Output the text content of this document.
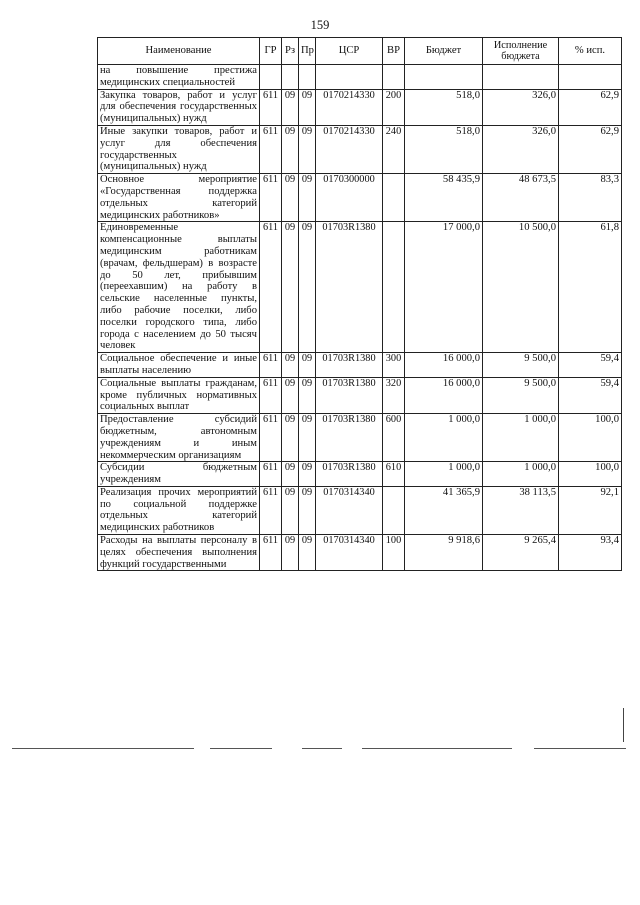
159
Наименование	ГР	Рз	Пр	ЦСР	ВР	Бюджет	Исполнение бюджета	% исп.
на повышение престижа медицинских специальностей								
Закупка товаров, работ и услуг для обеспечения государственных (муниципальных) нужд	611	09	09	0170214330	200	518,0	326,0	62,9
Иные закупки товаров, работ и услуг для обеспечения государственных (муниципальных) нужд	611	09	09	0170214330	240	518,0	326,0	62,9
Основное мероприятие «Государственная поддержка отдельных категорий медицинских работников»	611	09	09	0170300000		58 435,9	48 673,5	83,3
Единовременные компенсационные выплаты медицинским работникам (врачам, фельдшерам) в возрасте до 50 лет, прибывшим (переехавшим) на работу в сельские населенные пункты, либо рабочие поселки, либо поселки городского типа, либо города с населением до 50 тысяч человек	611	09	09	01703R1380		17 000,0	10 500,0	61,8
Социальное обеспечение и иные выплаты населению	611	09	09	01703R1380	300	16 000,0	9 500,0	59,4
Социальные выплаты гражданам, кроме публичных нормативных социальных выплат	611	09	09	01703R1380	320	16 000,0	9 500,0	59,4
Предоставление субсидий бюджетным, автономным учреждениям и иным некоммерческим организациям	611	09	09	01703R1380	600	1 000,0	1 000,0	100,0
Субсидии бюджетным учреждениям	611	09	09	01703R1380	610	1 000,0	1 000,0	100,0
Реализация прочих мероприятий по социальной поддержке отдельных категорий медицинских работников	611	09	09	0170314340		41 365,9	38 113,5	92,1
Расходы на выплаты персоналу в целях обеспечения выполнения функций государственными	611	09	09	0170314340	100	9 918,6	9 265,4	93,4
